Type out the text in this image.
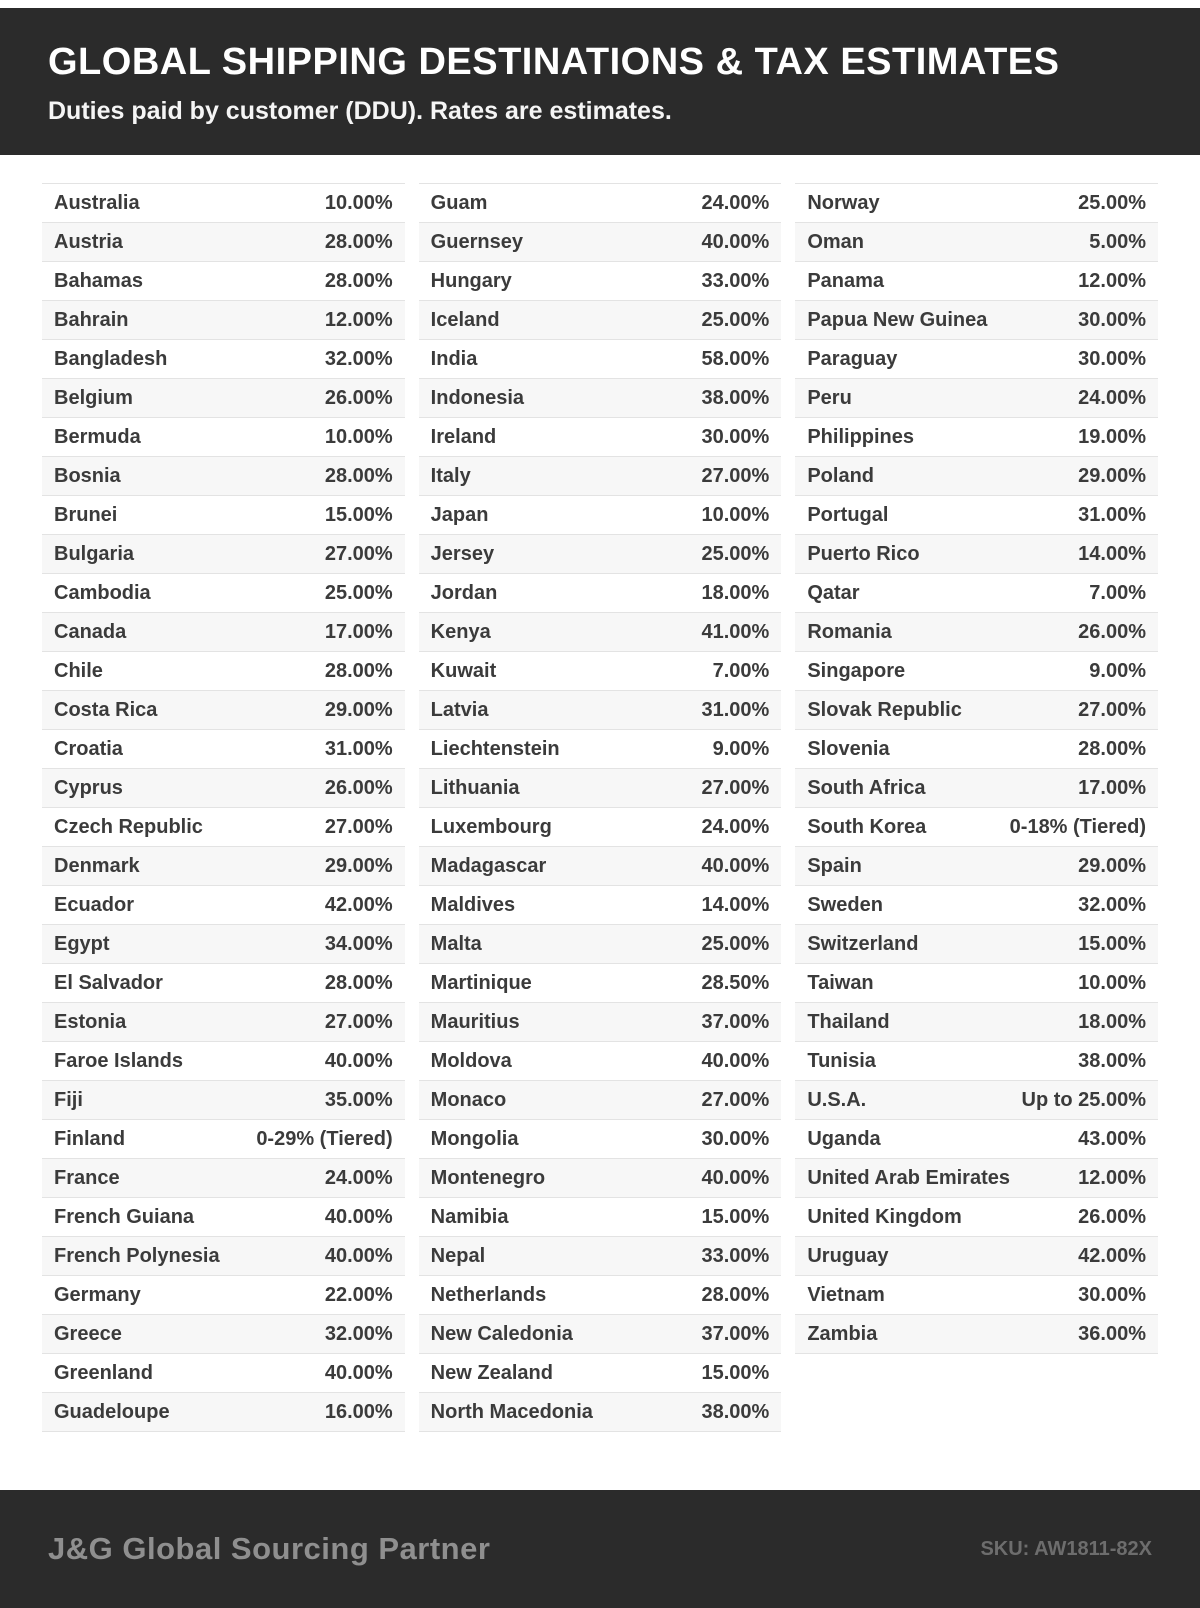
GLOBAL SHIPPING DESTINATIONS & TAX ESTIMATES
Duties paid by customer (DDU). Rates are estimates.
Australia	10.00%
Austria	28.00%
Bahamas	28.00%
Bahrain	12.00%
Bangladesh	32.00%
Belgium	26.00%
Bermuda	10.00%
Bosnia	28.00%
Brunei	15.00%
Bulgaria	27.00%
Cambodia	25.00%
Canada	17.00%
Chile	28.00%
Costa Rica	29.00%
Croatia	31.00%
Cyprus	26.00%
Czech Republic	27.00%
Denmark	29.00%
Ecuador	42.00%
Egypt	34.00%
El Salvador	28.00%
Estonia	27.00%
Faroe Islands	40.00%
Fiji	35.00%
Finland	0-29% (Tiered)
France	24.00%
French Guiana	40.00%
French Polynesia	40.00%
Germany	22.00%
Greece	32.00%
Greenland	40.00%
Guadeloupe	16.00%
Guam	24.00%
Guernsey	40.00%
Hungary	33.00%
Iceland	25.00%
India	58.00%
Indonesia	38.00%
Ireland	30.00%
Italy	27.00%
Japan	10.00%
Jersey	25.00%
Jordan	18.00%
Kenya	41.00%
Kuwait	7.00%
Latvia	31.00%
Liechtenstein	9.00%
Lithuania	27.00%
Luxembourg	24.00%
Madagascar	40.00%
Maldives	14.00%
Malta	25.00%
Martinique	28.50%
Mauritius	37.00%
Moldova	40.00%
Monaco	27.00%
Mongolia	30.00%
Montenegro	40.00%
Namibia	15.00%
Nepal	33.00%
Netherlands	28.00%
New Caledonia	37.00%
New Zealand	15.00%
North Macedonia	38.00%
Norway	25.00%
Oman	5.00%
Panama	12.00%
Papua New Guinea	30.00%
Paraguay	30.00%
Peru	24.00%
Philippines	19.00%
Poland	29.00%
Portugal	31.00%
Puerto Rico	14.00%
Qatar	7.00%
Romania	26.00%
Singapore	9.00%
Slovak Republic	27.00%
Slovenia	28.00%
South Africa	17.00%
South Korea	0-18% (Tiered)
Spain	29.00%
Sweden	32.00%
Switzerland	15.00%
Taiwan	10.00%
Thailand	18.00%
Tunisia	38.00%
U.S.A.	Up to 25.00%
Uganda	43.00%
United Arab Emirates	12.00%
United Kingdom	26.00%
Uruguay	42.00%
Vietnam	30.00%
Zambia	36.00%
J&G Global Sourcing Partner	SKU: AW1811-82X
